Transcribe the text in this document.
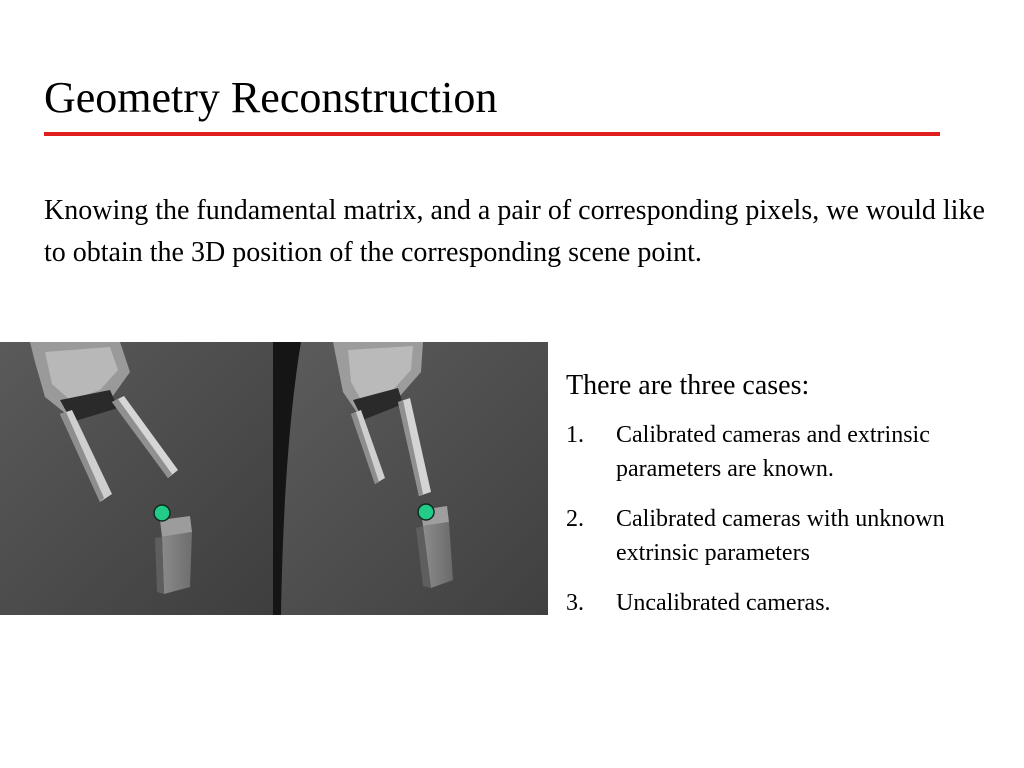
Geometry Reconstruction

Knowing the fundamental matrix, and a pair of corresponding pixels, we would like to obtain the 3D position of the corresponding scene point.

There are three cases:

1.	Calibrated cameras and extrinsic parameters are known.
2.	Calibrated cameras with unknown extrinsic parameters
3.	Uncalibrated cameras.
